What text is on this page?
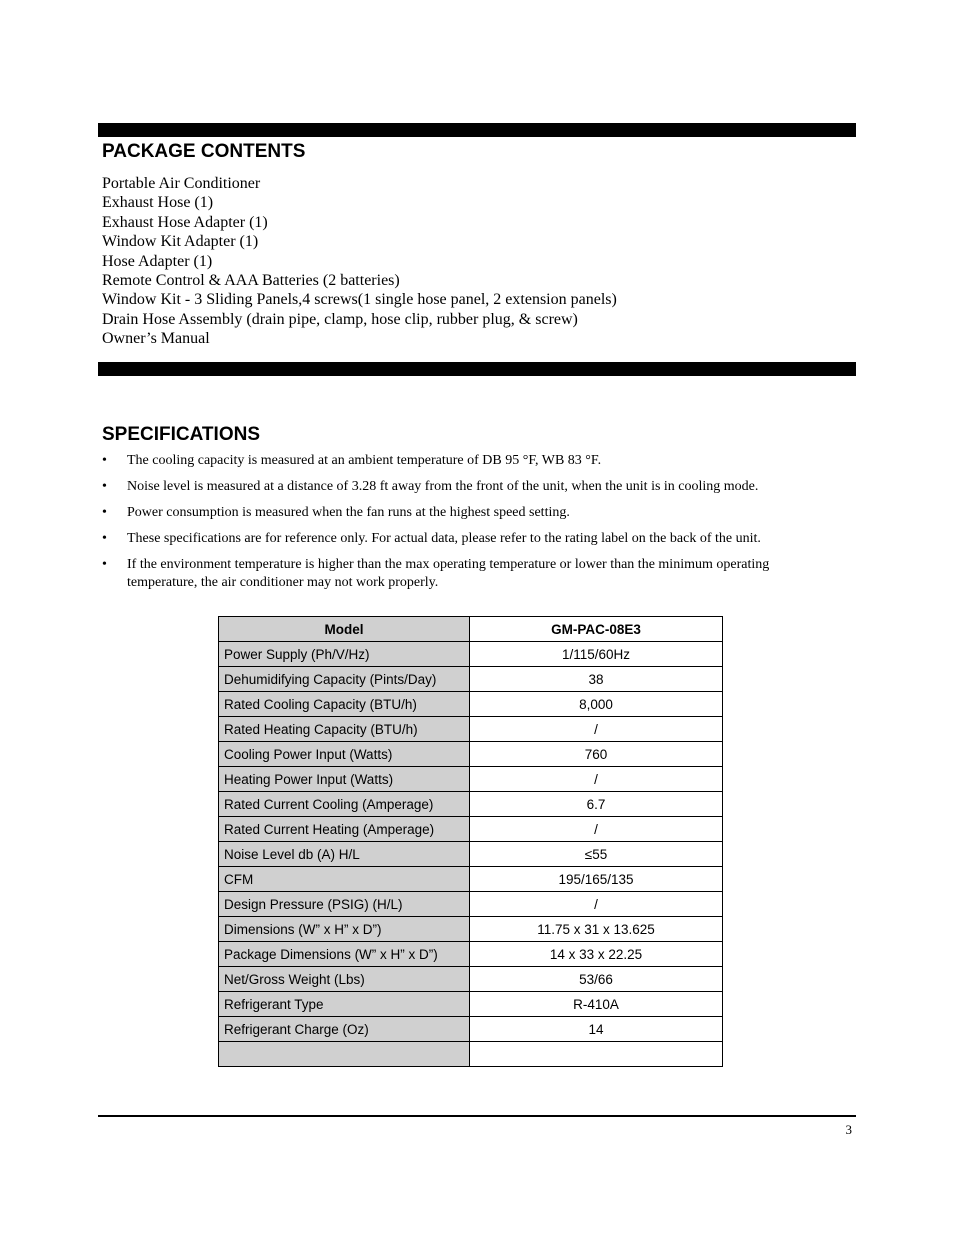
PACKAGE CONTENTS
Portable Air Conditioner
Exhaust Hose (1)
Exhaust Hose Adapter (1)
Window Kit Adapter (1)
Hose Adapter (1)
Remote Control & AAA Batteries (2 batteries)
Window Kit - 3 Sliding Panels,4 screws(1 single hose panel, 2 extension panels)
Drain Hose Assembly (drain pipe, clamp, hose clip, rubber plug, & screw)
Owner’s Manual
SPECIFICATIONS
• The cooling capacity is measured at an ambient temperature of DB 95 °F, WB 83 °F.
• Noise level is measured at a distance of 3.28 ft away from the front of the unit, when the unit is in cooling mode.
• Power consumption is measured when the fan runs at the highest speed setting.
• These specifications are for reference only. For actual data, please refer to the rating label on the back of the unit.
• If the environment temperature is higher than the max operating temperature or lower than the minimum operating temperature, the air conditioner may not work properly.
Model	GM-PAC-08E3
Power Supply (Ph/V/Hz)	1/115/60Hz
Dehumidifying Capacity (Pints/Day)	38
Rated Cooling Capacity (BTU/h)	8,000
Rated Heating Capacity (BTU/h)	/
Cooling Power Input (Watts)	760
Heating Power Input (Watts)	/
Rated Current Cooling (Amperage)	6.7
Rated Current Heating (Amperage)	/
Noise Level db (A) H/L	≤55
CFM	195/165/135
Design Pressure (PSIG) (H/L)	/
Dimensions (W” x H” x D”)	11.75 x 31 x 13.625
Package Dimensions (W” x H” x D”)	14 x 33 x 22.25
Net/Gross Weight (Lbs)	53/66
Refrigerant Type	R-410A
Refrigerant Charge (Oz)	14

3
